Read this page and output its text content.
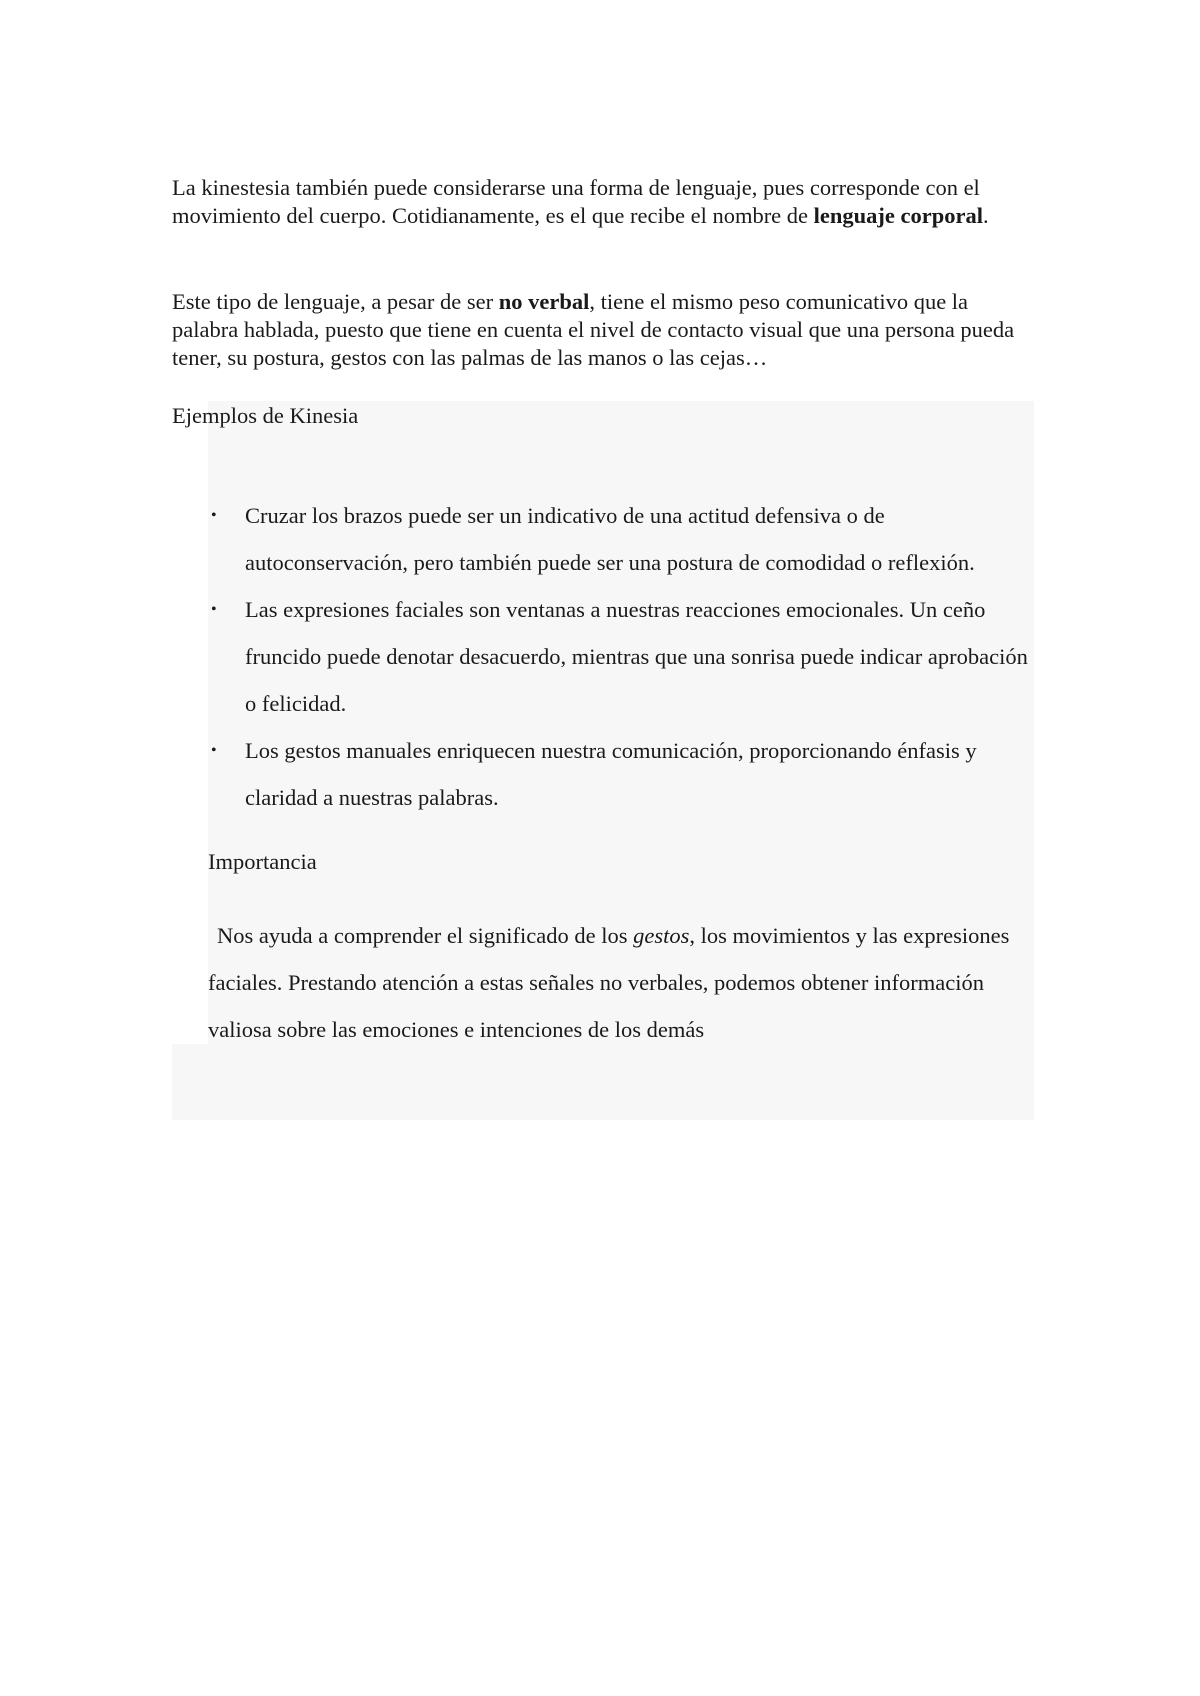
La kinestesia también puede considerarse una forma de lenguaje, pues corresponde con el movimiento del cuerpo. Cotidianamente, es el que recibe el nombre de lenguaje corporal.

Este tipo de lenguaje, a pesar de ser no verbal, tiene el mismo peso comunicativo que la palabra hablada, puesto que tiene en cuenta el nivel de contacto visual que una persona pueda tener, su postura, gestos con las palmas de las manos o las cejas…

Ejemplos de Kinesia

• Cruzar los brazos puede ser un indicativo de una actitud defensiva o de autoconservación, pero también puede ser una postura de comodidad o reflexión.
• Las expresiones faciales son ventanas a nuestras reacciones emocionales. Un ceño fruncido puede denotar desacuerdo, mientras que una sonrisa puede indicar aprobación o felicidad.
• Los gestos manuales enriquecen nuestra comunicación, proporcionando énfasis y claridad a nuestras palabras.

Importancia

Nos ayuda a comprender el significado de los gestos, los movimientos y las expresiones faciales. Prestando atención a estas señales no verbales, podemos obtener información valiosa sobre las emociones e intenciones de los demás
